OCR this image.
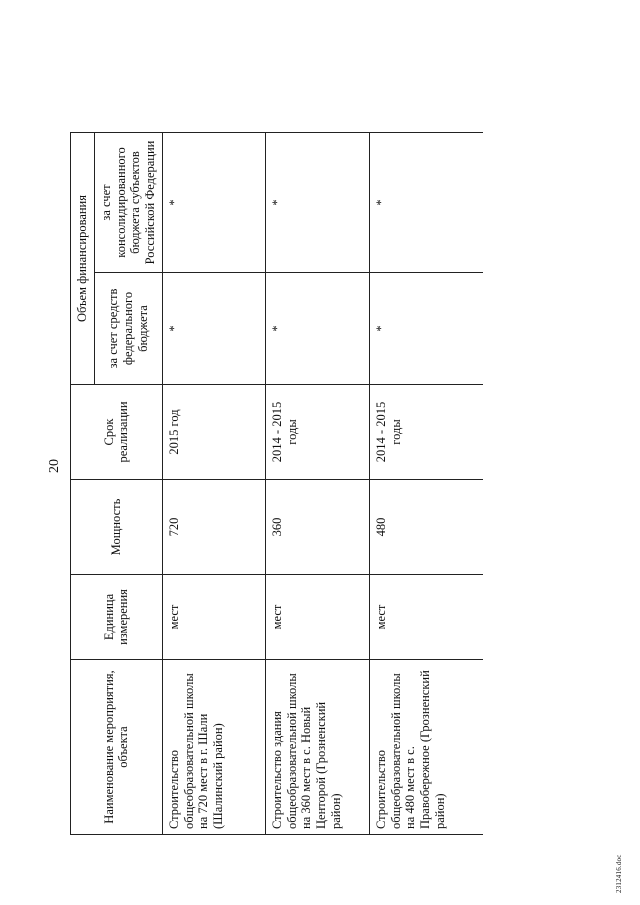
20
Наименование мероприятия, объекта	Единица измерения	Мощность	Срок реализации	Объем финансирования	
				за счет средств федерального бюджета	за счет консолидированного бюджета субъектов Российской Федерации
Строительство общеобразовательной школы на 720 мест в г. Шали (Шалинский район)	мест	720	2015 год	*	*
Строительство здания общеобразовательной школы на 360 мест в с. Новый Центорой (Грозненский район)	мест	360	2014 - 2015 годы	*	*
Строительство общеобразовательной школы на 480 мест в с. Правобережное (Грозненский район)	мест	480	2014 - 2015 годы	*	*
2312416.doc
